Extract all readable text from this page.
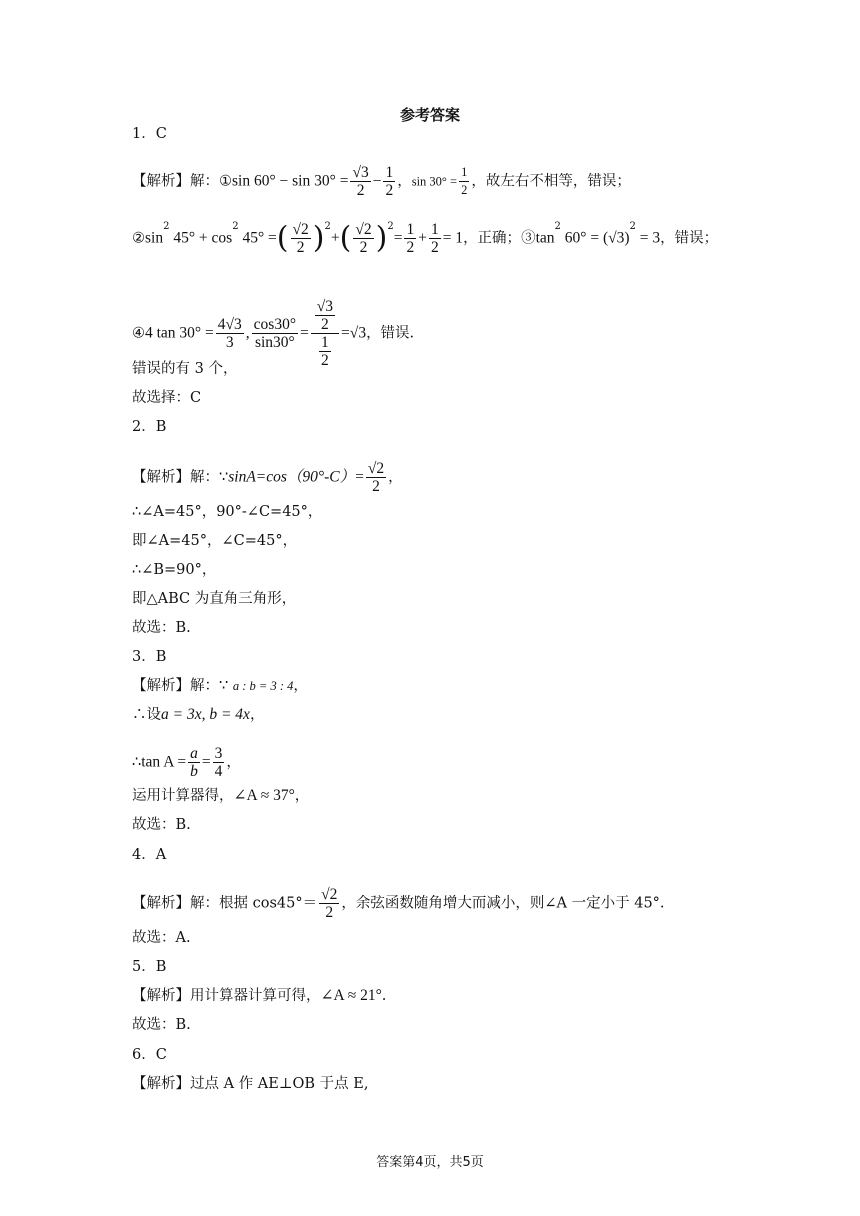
参考答案
1．C
【解析】解：①sin $60^\circ - \sin 30^\circ = \frac{√3}{2} - \frac{1}{2}$ ，$\sin 30^\circ = \frac{1}{2}$ ，故左右不相等，错误；
$②\sin^2$ $45^\circ + \cos^2 45^\circ$ =( $\frac{√2}{2} )^2+( \frac{√2}{2} )^2= \frac{1}{2} + \frac{1}{2} = 1$，正确；$③\tan^2$ $60^\circ = (√3)^2 = 3$，错误；
④4 $\tan 30^\circ = \frac{4√3}{3}$ , $\frac{\cos 30^\circ}{\sin 30^\circ} = \frac{\frac{√3}{2}}{\frac{1}{2}} =√3$，错误.
错误的有 3 个，
故选择：C
2．B
【解析】解：∵sinA=cos（90°-C）= $\frac{√2}{2}$ ，
∴∠A=45°，90°-∠C=45°，
即∠A=45°，∠C=45°，
∴∠B=90°，
即△ABC 为直角三角形，
故选：B.
3．B
【解析】解：∵ a : b = 3 : 4，
∴设a = 3x, b = 4x，
∴tan $A = \frac{a}{b} = \frac{3}{4}$ ，
运用计算器得，∠A ≈ 37°，
故选：B.
4．A
【解析】解：根据 $\cos 45^\circ= \frac{√2}{2}$ ，余弦函数随角增大而减小，则∠A 一定小于 45°.
故选：A.
5．B
【解析】用计算器计算可得，∠A ≈ 21°.
故选：B.
6．C
【解析】过点 A 作 AE⊥OB 于点 E,
答案第4页，共5页
